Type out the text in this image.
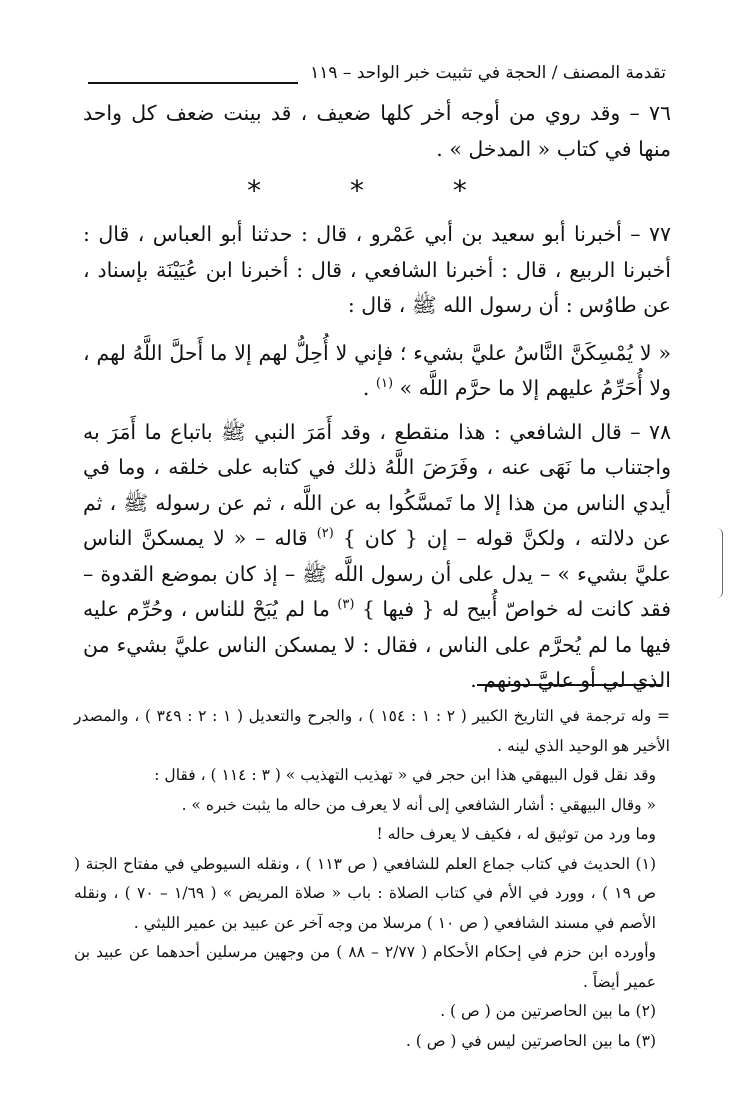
تقدمة المصنف / الحجة في تثبيت خبر الواحد – ١١٩

٧٦ – وقد روي من أوجه أخر كلها ضعيف ، قد بينت ضعف كل واحد منها في كتاب « المدخل » .

* * *

٧٧ – أخبرنا أبو سعيد بن أبي عَمْرو ، قال : حدثنا أبو العباس ، قال : أخبرنا الربيع ، قال : أخبرنا الشافعي ، قال : أخبرنا ابن عُيَيْنَة بإسناد ، عن طاوُس : أن رسول الله ﷺ ، قال :

« لا يُمْسِكَنَّ النَّاسُ عليَّ بشيء ؛ فإني لا أُحِلُّ لهم إلا ما أَحلَّ اللَّهُ لهم ، ولا أُحَرِّمُ عليهم إلا ما حرَّم اللَّه » $^{(١)}$ .

٧٨ – قال الشافعي : هذا منقطع ، وقد أَمَرَ النبي ﷺ باتباع ما أَمَرَ به واجتناب ما نَهَى عنه ، وفَرَضَ اللَّهُ ذلك في كتابه على خلقه ، وما في أيدي الناس من هذا إلا ما تَمسَّكُوا به عن اللَّه ، ثم عن رسوله ﷺ ، ثم عن دلالته ، ولكنَّ قوله – إن { كان } $^{(٢)}$ قاله – « لا يمسكنَّ الناس عليَّ بشيء » – يدل على أن رسول اللَّه ﷺ – إذ كان بموضع القدوة – فقد كانت له خواصّ أُبيح له { فيها } $^{(٣)}$ ما لم يُبَحْ للناس ، وحُرِّم عليه فيها ما لم يُحرَّم على الناس ، فقال : لا يمسكن الناس عليَّ بشيء من الذي لي أو عليَّ دونهم .

= وله ترجمة في التاريخ الكبير ( ٢ : ١ : ١٥٤ ) ، والجرح والتعديل ( ١ : ٢ : ٣٤٩ ) ، والمصدر الأخير هو الوحيد الذي لينه .

وقد نقل قول البيهقي هذا ابن حجر في « تهذيب التهذيب » ( ٣ : ١١٤ ) ، فقال :

« وقال البيهقي : أشار الشافعي إلى أنه لا يعرف من حاله ما يثبت خبره » .

وما ورد من توثيق له ، فكيف لا يعرف حاله !

(١) الحديث في كتاب جماع العلم للشافعي ( ص ١١٣ ) ، ونقله السيوطي في مفتاح الجنة ( ص ١٩ ) ، وورد في الأم في كتاب الصلاة : باب « صلاة المريض » ( ١/٦٩ – ٧٠ ) ، ونقله الأصم في مسند الشافعي ( ص ١٠ ) مرسلا من وجه آخر عن عبيد بن عمير الليثي .

وأورده ابن حزم في إحكام الأحكام ( ٢/٧٧ – ٨٨ ) من وجهين مرسلين أحدهما عن عبيد بن عمير أيضاً .

(٢) ما بين الحاصرتين من ( ص ) .

(٣) ما بين الحاصرتين ليس في ( ص ) .
